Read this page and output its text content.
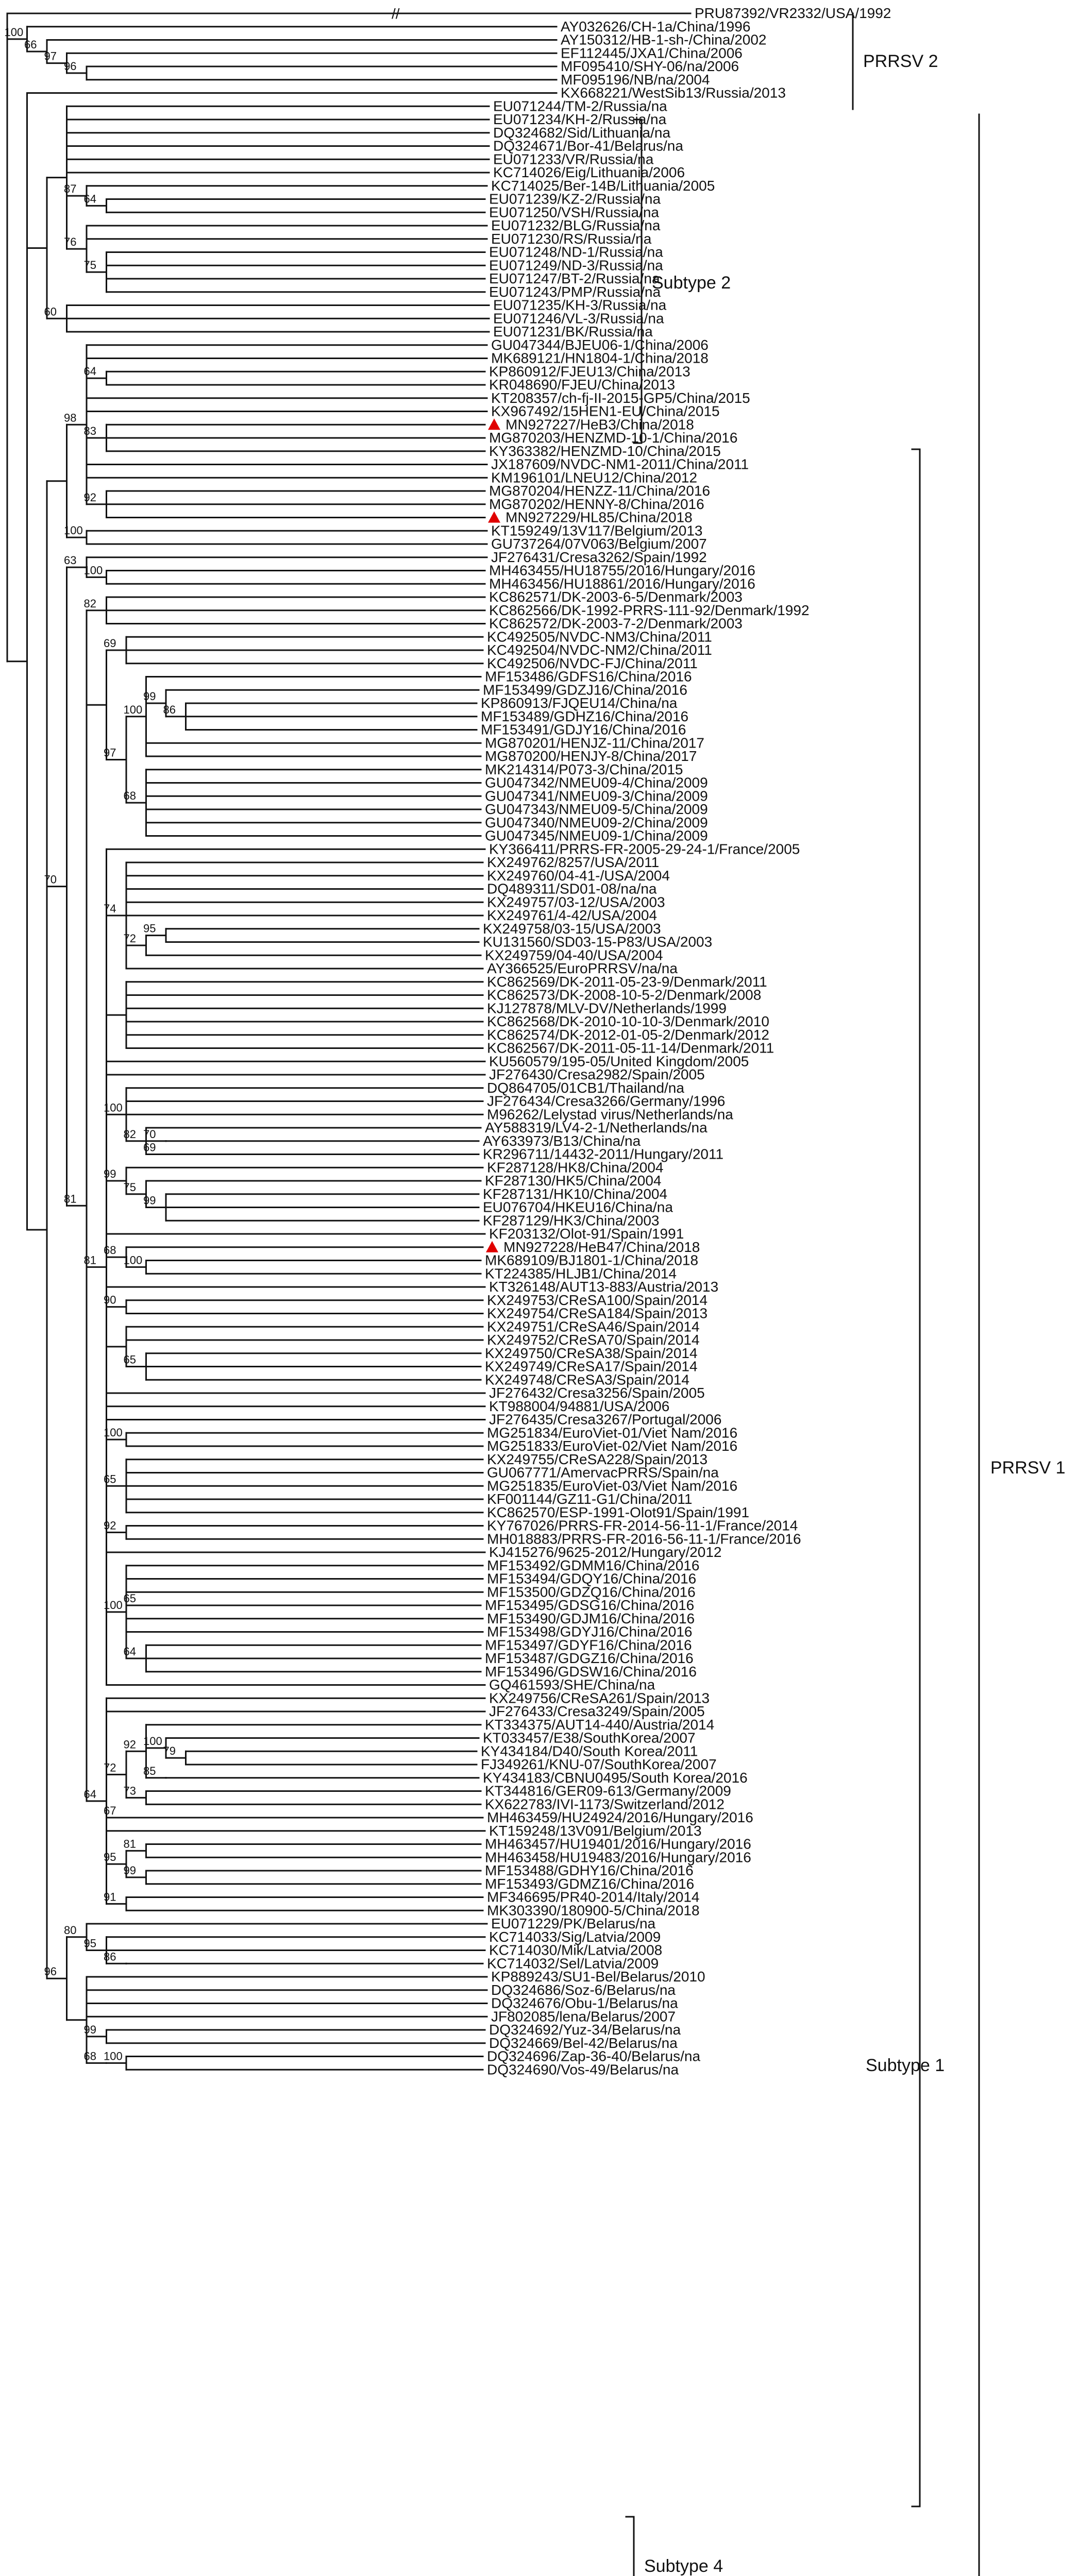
//	PRU87392/VR2332/USA/1992
AY032626/CH-1a/China/1996
AY150312/HB-1-sh-/China/2002
EF112445/JXA1/China/2006
MF095410/SHY-06/na/2006
MF095196/NB/na/2004
96
97
66
KX668221/WestSib13/Russia/2013
EU071244/TM-2/Russia/na
EU071234/KH-2/Russia/na
DQ324682/Sid/Lithuania/na
DQ324671/Bor-41/Belarus/na
EU071233/VR/Russia/na
KC714026/Eig/Lithuania/2006
KC714025/Ber-14B/Lithuania/2005
EU071239/KZ-2/Russia/na
EU071250/VSH/Russia/na
64
EU071232/BLG/Russia/na
EU071230/RS/Russia/na
EU071248/ND-1/Russia/na
EU071249/ND-3/Russia/na
EU071247/BT-2/Russia/na
EU071243/PMP/Russia/na
75
87
76
EU071235/KH-3/Russia/na
EU071246/VL-3/Russia/na
EU071231/BK/Russia/na
60
GU047344/BJEU06-1/China/2006
MK689121/HN1804-1/China/2018
KP860912/FJEU13/China/2013
KR048690/FJEU/China/2013
KT208357/ch-fj-II-2015-GP5/China/2015
KX967492/15HEN1-EU/China/2015
MN927227/HeB3/China/2018
MG870203/HENZMD-10-1/China/2016
KY363382/HENZMD-10/China/2015
JX187609/NVDC-NM1-2011/China/2011
KM196101/LNEU12/China/2012
MG870204/HENZZ-11/China/2016
MG870202/HENNY-8/China/2016
MN927229/HL85/China/2018
64
83
92
KT159249/13V117/Belgium/2013
GU737264/07V063/Belgium/2007
98
100
JF276431/Cresa3262/Spain/1992
MH463455/HU18755/2016/Hungary/2016
MH463456/HU18861/2016/Hungary/2016
100
KC862571/DK-2003-6-5/Denmark/2003
KC862566/DK-1992-PRRS-111-92/Denmark/1992
KC862572/DK-2003-7-2/Denmark/2003
KC492505/NVDC-NM3/China/2011
KC492504/NVDC-NM2/China/2011
KC492506/NVDC-FJ/China/2011
MF153486/GDFS16/China/2016
MF153499/GDZJ16/China/2016
KP860913/FJQEU14/China/na
MF153489/GDHZ16/China/2016
MF153491/GDJY16/China/2016
86
MG870201/HENJZ-11/China/2017
MG870200/HENJY-8/China/2017
99
MK214314/P073-3/China/2015
GU047342/NMEU09-4/China/2009
GU047341/NMEU09-3/China/2009
GU047343/NMEU09-5/China/2009
GU047340/NMEU09-2/China/2009
GU047345/NMEU09-1/China/2009
100
68
69
97
KY366411/PRRS-FR-2005-29-24-1/France/2005
KX249762/8257/USA/2011
KX249760/04-41-/USA/2004
DQ489311/SD01-08/na/na
KX249757/03-12/USA/2003
KX249761/4-42/USA/2004
KX249758/03-15/USA/2003
KU131560/SD03-15-P83/USA/2003
KX249759/04-40/USA/2004
95
AY366525/EuroPRRSV/na/na
72
KC862569/DK-2011-05-23-9/Denmark/2011
KC862573/DK-2008-10-5-2/Denmark/2008
KJ127878/MLV-DV/Netherlands/1999
KC862568/DK-2010-10-10-3/Denmark/2010
KC862574/DK-2012-01-05-2/Denmark/2012
KC862567/DK-2011-05-11-14/Denmark/2011
KU560579/195-05/United Kingdom/2005
JF276430/Cresa2982/Spain/2005
DQ864705/01CB1/Thailand/na
JF276434/Cresa3266/Germany/1996
M96262/Lelystad virus/Netherlands/na
AY588319/LV4-2-1/Netherlands/na
AY633973/B13/China/na
KR296711/14432-2011/Hungary/2011
70
69
82
KF287128/HK8/China/2004
KF287130/HK5/China/2004
KF287131/HK10/China/2004
EU076704/HKEU16/China/na
KF287129/HK3/China/2003
99
75
KF203132/Olot-91/Spain/1991
MN927228/HeB47/China/2018
MK689109/BJ1801-1/China/2018
KT224385/HLJB1/China/2014
100
KT326148/AUT13-883/Austria/2013
KX249753/CReSA100/Spain/2014
KX249754/CReSA184/Spain/2013
KX249751/CReSA46/Spain/2014
KX249752/CReSA70/Spain/2014
KX249750/CReSA38/Spain/2014
KX249749/CReSA17/Spain/2014
KX249748/CReSA3/Spain/2014
65
JF276432/Cresa3256/Spain/2005
KT988004/94881/USA/2006
JF276435/Cresa3267/Portugal/2006
MG251834/EuroViet-01/Viet Nam/2016
MG251833/EuroViet-02/Viet Nam/2016
KX249755/CReSA228/Spain/2013
GU067771/AmervacPRRS/Spain/na
MG251835/EuroViet-03/Viet Nam/2016
KF001144/GZ11-G1/China/2011
KC862570/ESP-1991-Olot91/Spain/1991
KY767026/PRRS-FR-2014-56-11-1/France/2014
MH018883/PRRS-FR-2016-56-11-1/France/2016
KJ415276/9625-2012/Hungary/2012
MF153492/GDMM16/China/2016
MF153494/GDQY16/China/2016
MF153500/GDZQ16/China/2016
MF153495/GDSG16/China/2016
MF153490/GDJM16/China/2016
MF153498/GDYJ16/China/2016
MF153497/GDYF16/China/2016
MF153487/GDGZ16/China/2016
MF153496/GDSW16/China/2016
65
64
GQ461593/SHE/China/na
74
100
99
68
90
100
65
92
100
KX249756/CReSA261/Spain/2013
JF276433/Cresa3249/Spain/2005
KT334375/AUT14-440/Austria/2014
KT033457/E38/SouthKorea/2007
KY434184/D40/South Korea/2011
FJ349261/KNU-07/SouthKorea/2007
79
KY434183/CBNU0495/South Korea/2016
100
85
KT344816/GER09-613/Germany/2009
KX622783/IVI-1173/Switzerland/2012
92
73
MH463459/HU24924/2016/Hungary/2016
KT159248/13V091/Belgium/2013
MH463457/HU19401/2016/Hungary/2016
MH463458/HU19483/2016/Hungary/2016
MF153488/GDHY16/China/2016
MF153493/GDMZ16/China/2016
81
99
MF346695/PR40-2014/Italy/2014
MK303390/180900-5/China/2018
72
67
95
91
82
81
64
63
81
EU071229/PK/Belarus/na
KC714033/Sig/Latvia/2009
KC714030/Mik/Latvia/2008
KC714032/Sel/Latvia/2009
86
95
KP889243/SU1-Bel/Belarus/2010
DQ324686/Soz-6/Belarus/na
DQ324676/Obu-1/Belarus/na
JF802085/lena/Belarus/2007
DQ324692/Yuz-34/Belarus/na
DQ324669/Bel-42/Belarus/na
DQ324696/Zap-36-40/Belarus/na
DQ324690/Vos-49/Belarus/na
100
99
68
80
70
96
100
PRRSV 2
PRRSV 1
Subtype 2
Subtype 1
Subtype 4
